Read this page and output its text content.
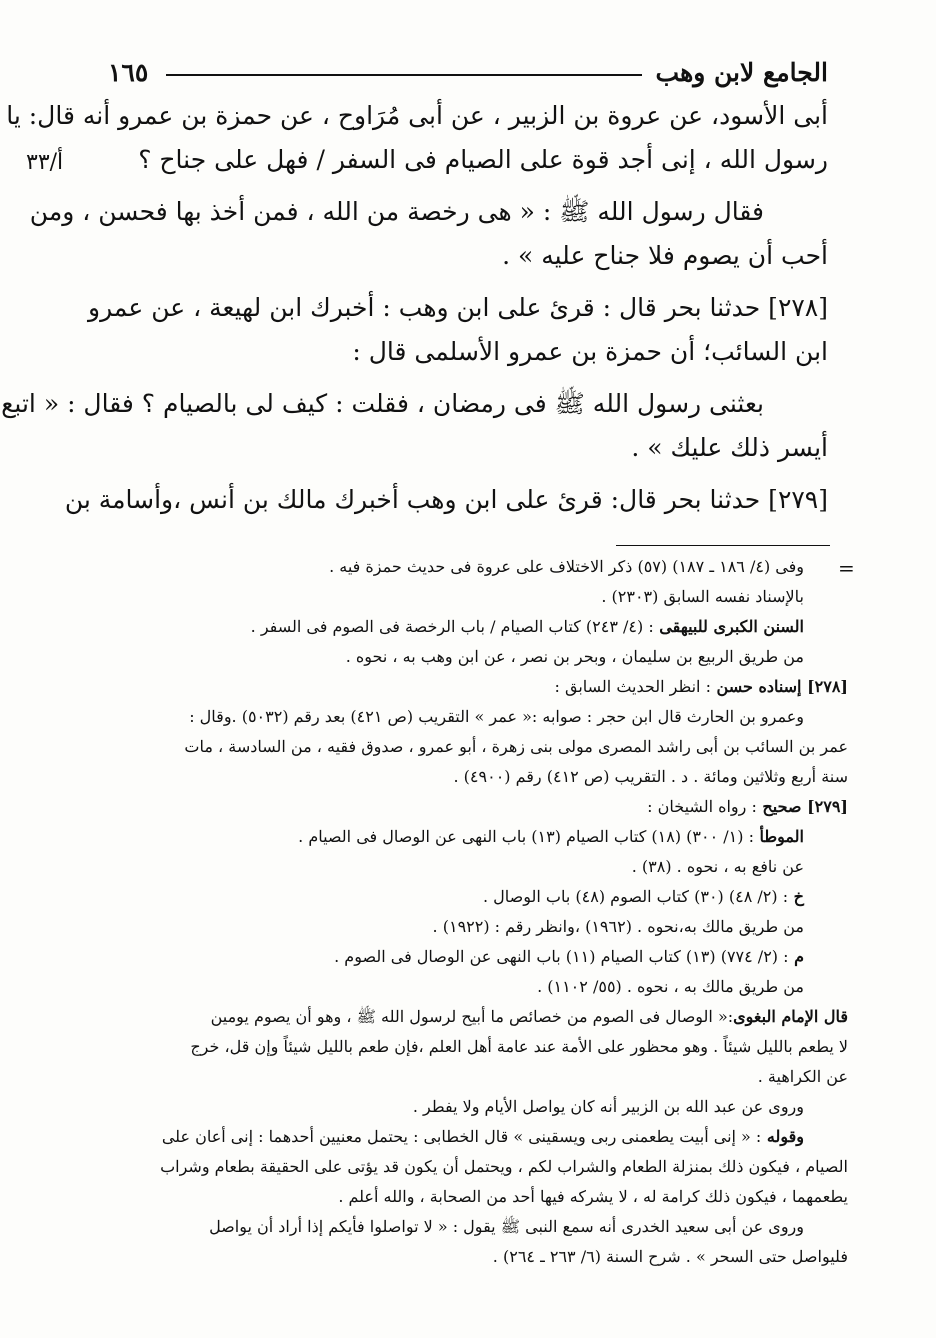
الجامع لابن وهب
١٦٥
أ/٣٣
أبى الأسود، عن عروة بن الزبير ، عن أبى مُرَاوح ، عن حمزة بن عمرو أنه قال: يا
رسول الله ، إنى أجد قوة على الصيام فى السفر / فهل على جناح ؟
فقال رسول الله ﷺ : « هى رخصة من الله ، فمن أخذ بها فحسن ، ومن
أحب أن يصوم فلا جناح عليه » .
[٢٧٨] حدثنا بحر قال : قرئ على ابن وهب : أخبرك ابن لهيعة ، عن عمرو
ابن السائب؛ أن حمزة بن عمرو الأسلمى قال :
بعثنى رسول الله ﷺ فى رمضان ، فقلت : كيف لى بالصيام ؟ فقال : « اتبع
أيسر ذلك عليك » .
[٢٧٩] حدثنا بحر قال: قرئ على ابن وهب أخبرك مالك بن أنس ،وأسامة بن
=
وفى (٤/ ١٨٦ ـ ١٨٧) (٥٧) ذكر الاختلاف على عروة فى حديث حمزة فيه .
بالإسناد نفسه السابق (٢٣٠٣) .
السنن الكبرى للبيهقى : (٤/ ٢٤٣) كتاب الصيام / باب الرخصة فى الصوم فى السفر .
من طريق الربيع بن سليمان ، وبحر بن نصر ، عن ابن وهب به ، نحوه .
[٢٧٨] إسناده حسن : انظر الحديث السابق :
وعمرو بن الحارث قال ابن حجر : صوابه :« عمر » التقريب (ص ٤٢١) بعد رقم (٥٠٣٢) .وقال :
عمر بن السائب بن أبى راشد المصرى مولى بنى زهرة ، أبو عمرو ، صدوق فقيه ، من السادسة ، مات
سنة أربع وثلاثين ومائة . د . التقريب (ص ٤١٢) رقم (٤٩٠٠) .
[٢٧٩] صحيح : رواه الشيخان :
الموطأ : (١/ ٣٠٠) (١٨) كتاب الصيام (١٣) باب النهى عن الوصال فى الصيام .
عن نافع به ، نحوه . (٣٨) .
خ : (٢/ ٤٨) (٣٠) كتاب الصوم (٤٨) باب الوصال .
من طريق مالك به،نحوه . (١٩٦٢) ،وانظر رقم : (١٩٢٢) .
م : (٢/ ٧٧٤) (١٣) كتاب الصيام (١١) باب النهى عن الوصال فى الصوم .
من طريق مالك به ، نحوه . (٥٥/ ١١٠٢) .
قال الإمام البغوى:« الوصال فى الصوم من خصائص ما أبيح لرسول الله ﷺ ، وهو أن يصوم يومين
لا يطعم بالليل شيئاً . وهو محظور على الأمة عند عامة أهل العلم ،فإن طعم بالليل شيئاً وإن قل، خرج
عن الكراهية .
وروى عن عبد الله بن الزبير أنه كان يواصل الأيام ولا يفطر .
وقوله : « إنى أبيت يطعمنى ربى ويسقينى » قال الخطابى : يحتمل معنيين أحدهما : إنى أعان على
الصيام ، فيكون ذلك بمنزلة الطعام والشراب لكم ، ويحتمل أن يكون قد يؤتى على الحقيقة بطعام وشراب
يطعمهما ، فيكون ذلك كرامة له ، لا يشركه فيها أحد من الصحابة ، والله أعلم .
وروى عن أبى سعيد الخدرى أنه سمع النبى ﷺ يقول : « لا تواصلوا فأيكم إذا أراد أن يواصل
فليواصل حتى السحر » . شرح السنة (٦/ ٢٦٣ ـ ٢٦٤) .
